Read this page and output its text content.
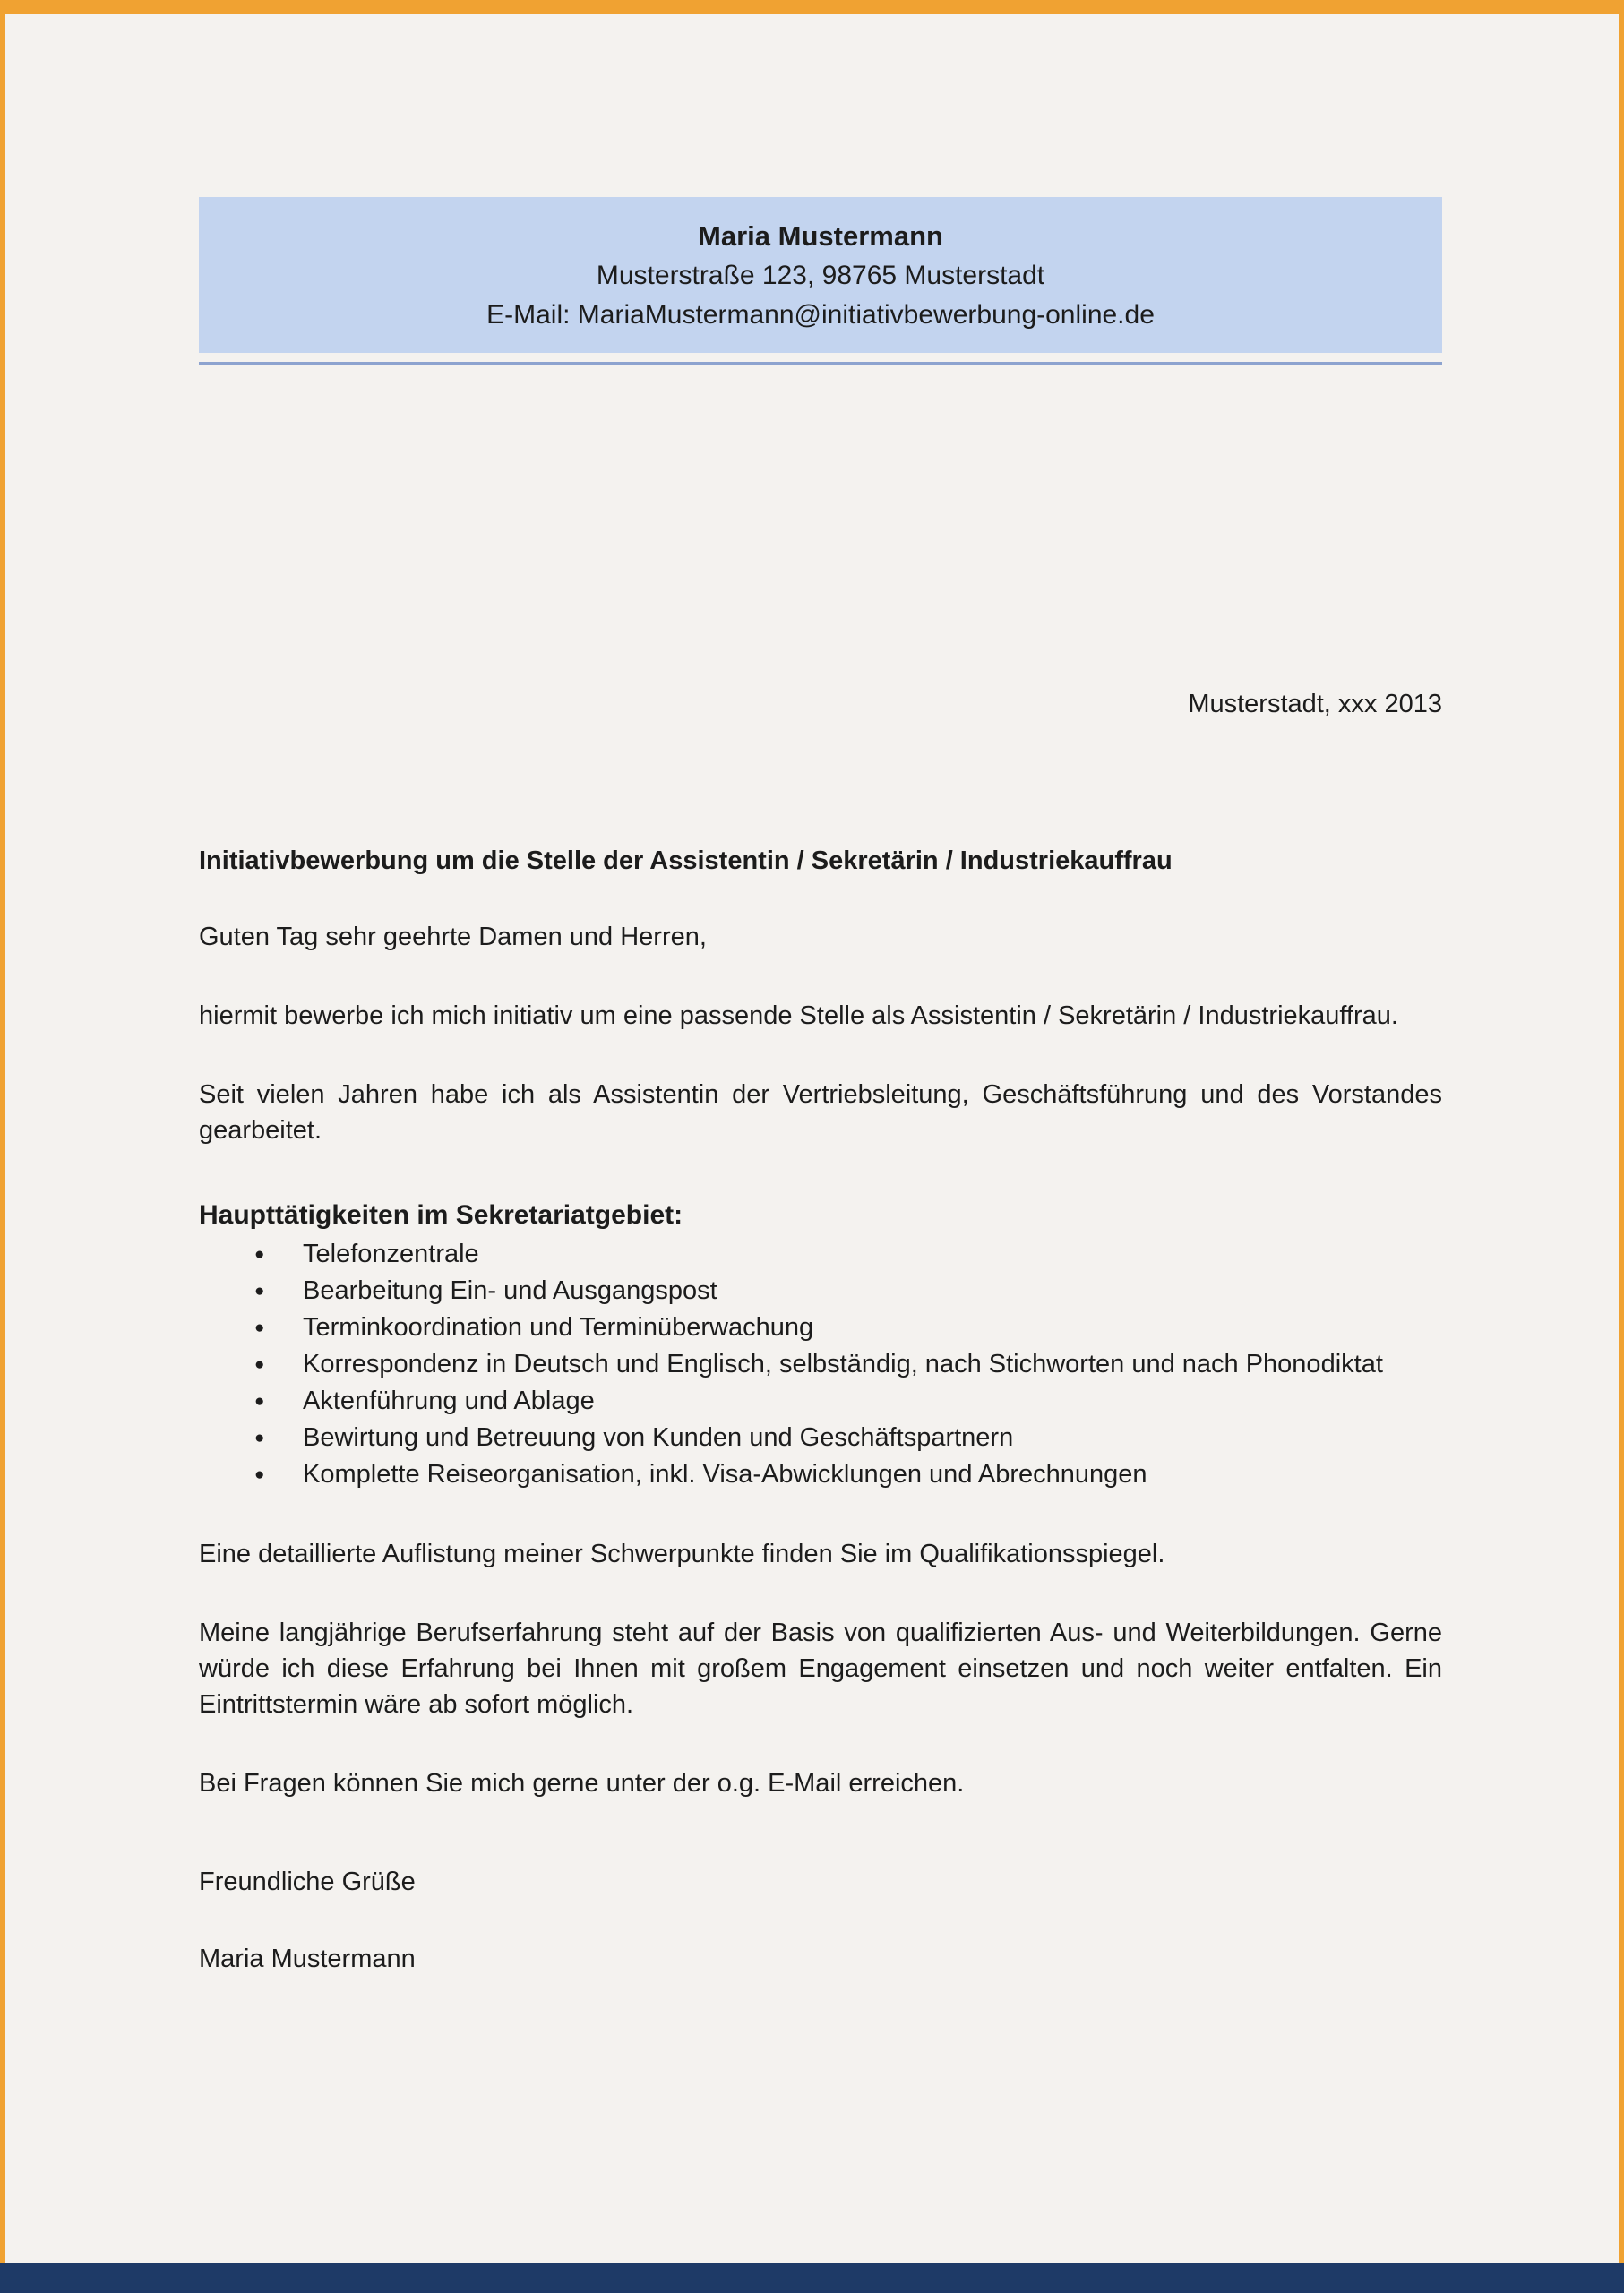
Maria Mustermann
Musterstraße 123, 98765 Musterstadt
E-Mail: MariaMustermann@initiativbewerbung-online.de
Musterstadt, xxx 2013
Initiativbewerbung um die Stelle der Assistentin / Sekretärin / Industriekauffrau
Guten Tag sehr geehrte Damen und Herren,
hiermit bewerbe ich mich initiativ um eine passende Stelle als Assistentin / Sekretärin / Industriekauffrau.
Seit vielen Jahren habe ich als Assistentin der Vertriebsleitung, Geschäftsführung und des Vorstandes gearbeitet.
Haupttätigkeiten im Sekretariatgebiet:
●	Telefonzentrale
●	Bearbeitung Ein- und Ausgangspost
●	Terminkoordination und Terminüberwachung
●	Korrespondenz in Deutsch und Englisch, selbständig, nach Stichworten und nach Phonodiktat
●	Aktenführung und Ablage
●	Bewirtung und Betreuung von Kunden und Geschäftspartnern
●	Komplette Reiseorganisation, inkl. Visa-Abwicklungen und Abrechnungen
Eine detaillierte Auflistung meiner Schwerpunkte finden Sie im Qualifikationsspiegel.
Meine langjährige Berufserfahrung steht auf der Basis von qualifizierten Aus- und Weiterbildungen. Gerne würde ich diese Erfahrung bei Ihnen mit großem Engagement einsetzen und noch weiter entfalten. Ein Eintrittstermin wäre ab sofort möglich.
Bei Fragen können Sie mich gerne unter der o.g. E-Mail erreichen.
Freundliche Grüße
Maria Mustermann
